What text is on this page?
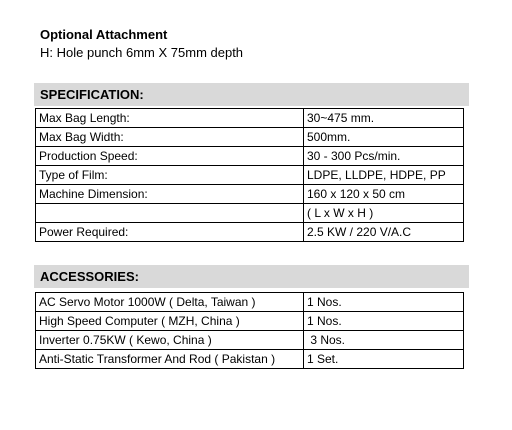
Optional Attachment
H: Hole punch 6mm X 75mm depth
SPECIFICATION:
Max Bag Length:	30~475 mm.
Max Bag Width:	500mm.
Production Speed:	30 - 300 Pcs/min.
Type of Film:	LDPE, LLDPE, HDPE, PP
Machine Dimension:	160 x 120 x 50 cm
	( L x W x H )
Power Required:	2.5 KW / 220 V/A.C
ACCESSORIES:
AC Servo Motor 1000W ( Delta, Taiwan )	1 Nos.
High Speed Computer ( MZH, China )	1 Nos.
Inverter 0.75KW ( Kewo, China )	3 Nos.
Anti-Static Transformer And Rod ( Pakistan )	1 Set.
